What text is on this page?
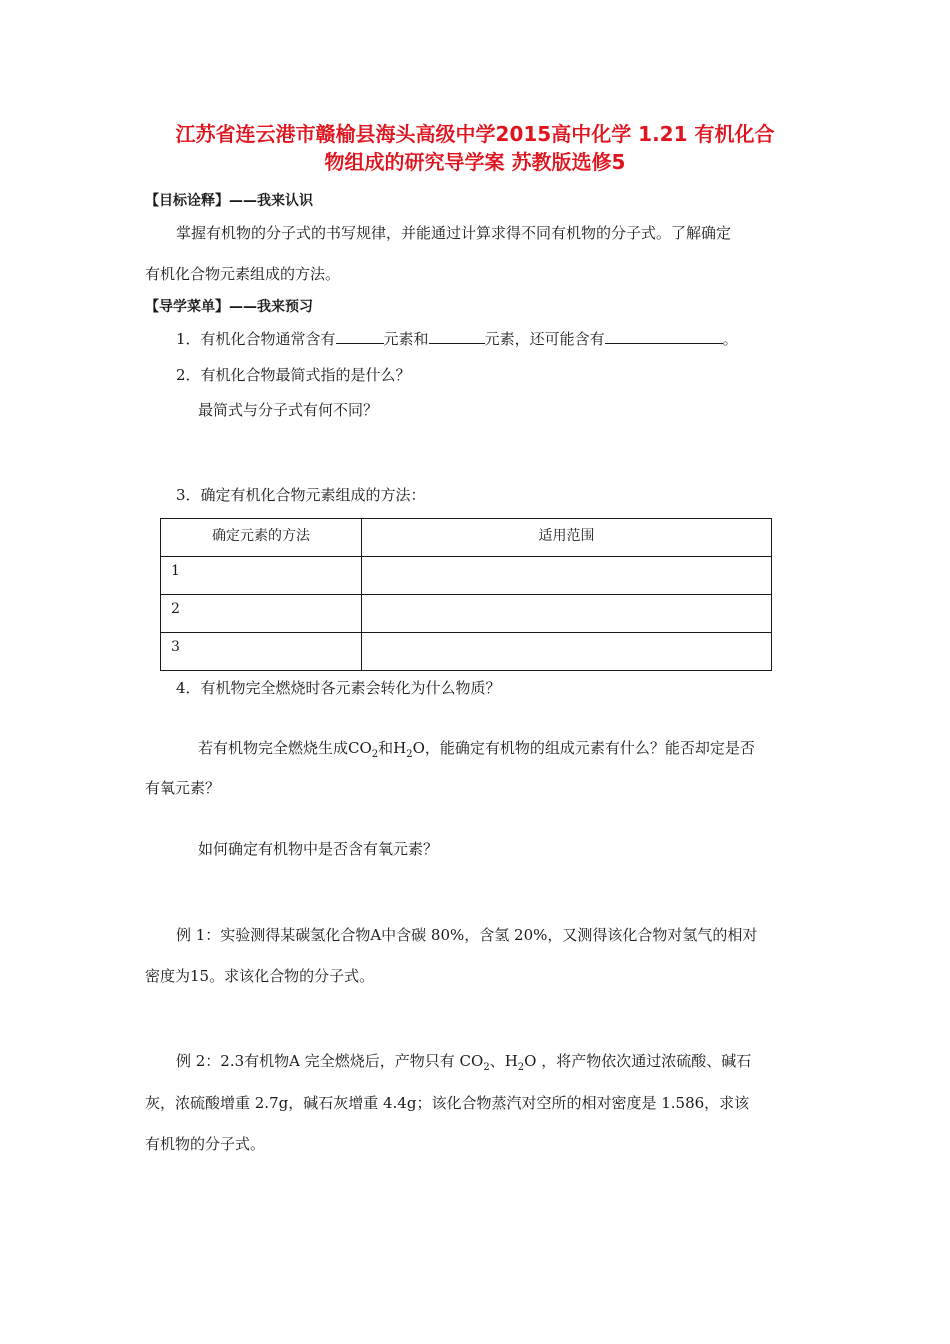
江苏省连云港市赣榆县海头高级中学2015高中化学 1.21 有机化合
物组成的研究导学案 苏教版选修5
【目标诠释】——我来认识
掌握有机物的分子式的书写规律，并能通过计算求得不同有机物的分子式。了解确定
有机化合物元素组成的方法。
【导学菜单】——我来预习
1．有机化合物通常含有	元素和	元素，还可能含有	。
2．有机化合物最简式指的是什么？
最简式与分子式有何不同？
3．确定有机化合物元素组成的方法：
确定元素的方法	适用范围
1	
2	
3	
4．有机物完全燃烧时各元素会转化为什么物质？
若有机物完全燃烧生成$CO_2$和$H_2O$，能确定有机物的组成元素有什么？能否却定是否
有氧元素？
如何确定有机物中是否含有氧元素？
例 1：实验测得某碳氢化合物A中含碳 80%，含氢 20%，又测得该化合物对氢气的相对
密度为15。求该化合物的分子式。
例 2：2.3有机物A 完全燃烧后，产物只有 $CO_2$、$H_2O$ ，将产物依次通过浓硫酸、碱石
灰，浓硫酸增重 2.7g，碱石灰增重 4.4g；该化合物蒸汽对空所的相对密度是 1.586，求该
有机物的分子式。
